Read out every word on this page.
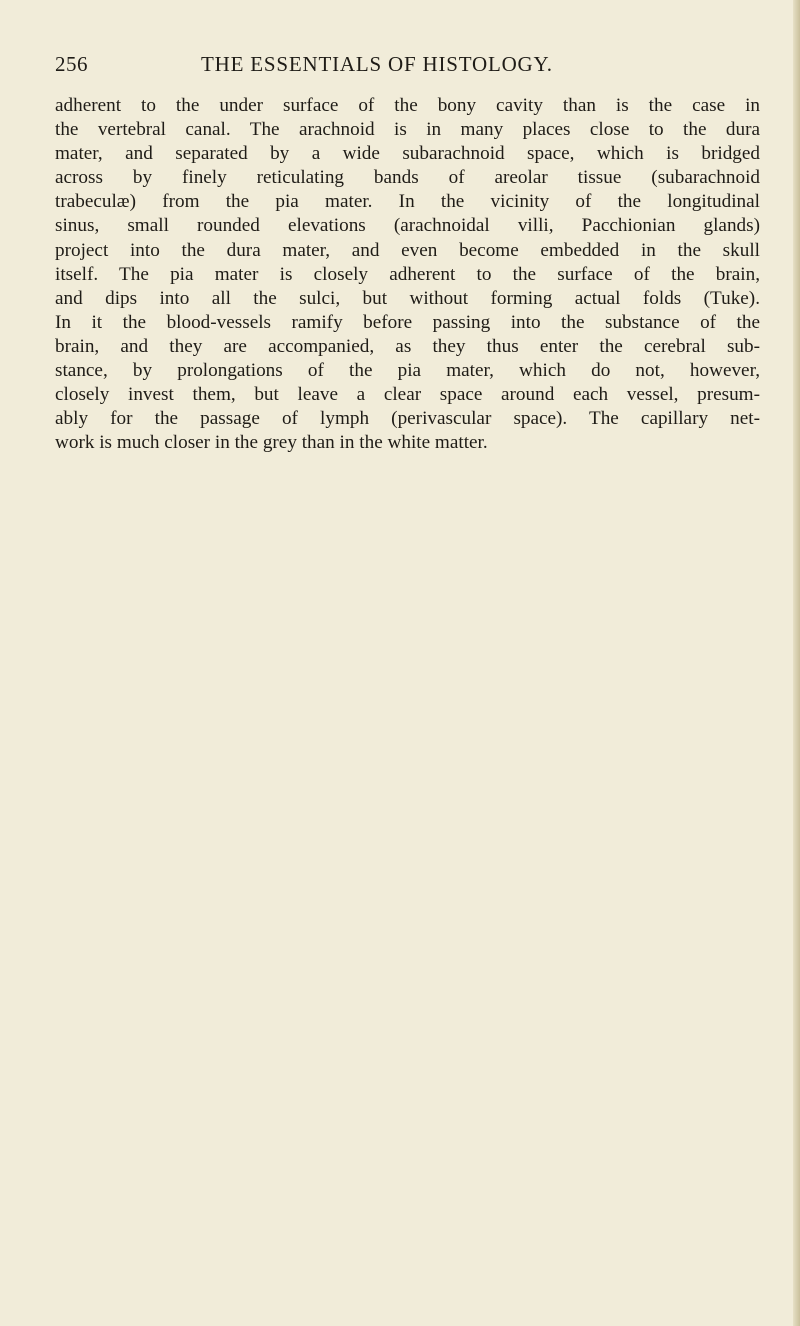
256	THE ESSENTIALS OF HISTOLOGY.
adherent to the under surface of the bony cavity than is the case in
the vertebral canal. The arachnoid is in many places close to the dura
mater, and separated by a wide subarachnoid space, which is bridged
across by finely reticulating bands of areolar tissue (subarachnoid
trabeculæ) from the pia mater. In the vicinity of the longitudinal
sinus, small rounded elevations (arachnoidal villi, Pacchionian glands)
project into the dura mater, and even become embedded in the skull
itself. The pia mater is closely adherent to the surface of the brain,
and dips into all the sulci, but without forming actual folds (Tuke).
In it the blood-vessels ramify before passing into the substance of the
brain, and they are accompanied, as they thus enter the cerebral sub-
stance, by prolongations of the pia mater, which do not, however,
closely invest them, but leave a clear space around each vessel, presum-
ably for the passage of lymph (perivascular space). The capillary net-
work is much closer in the grey than in the white matter.
